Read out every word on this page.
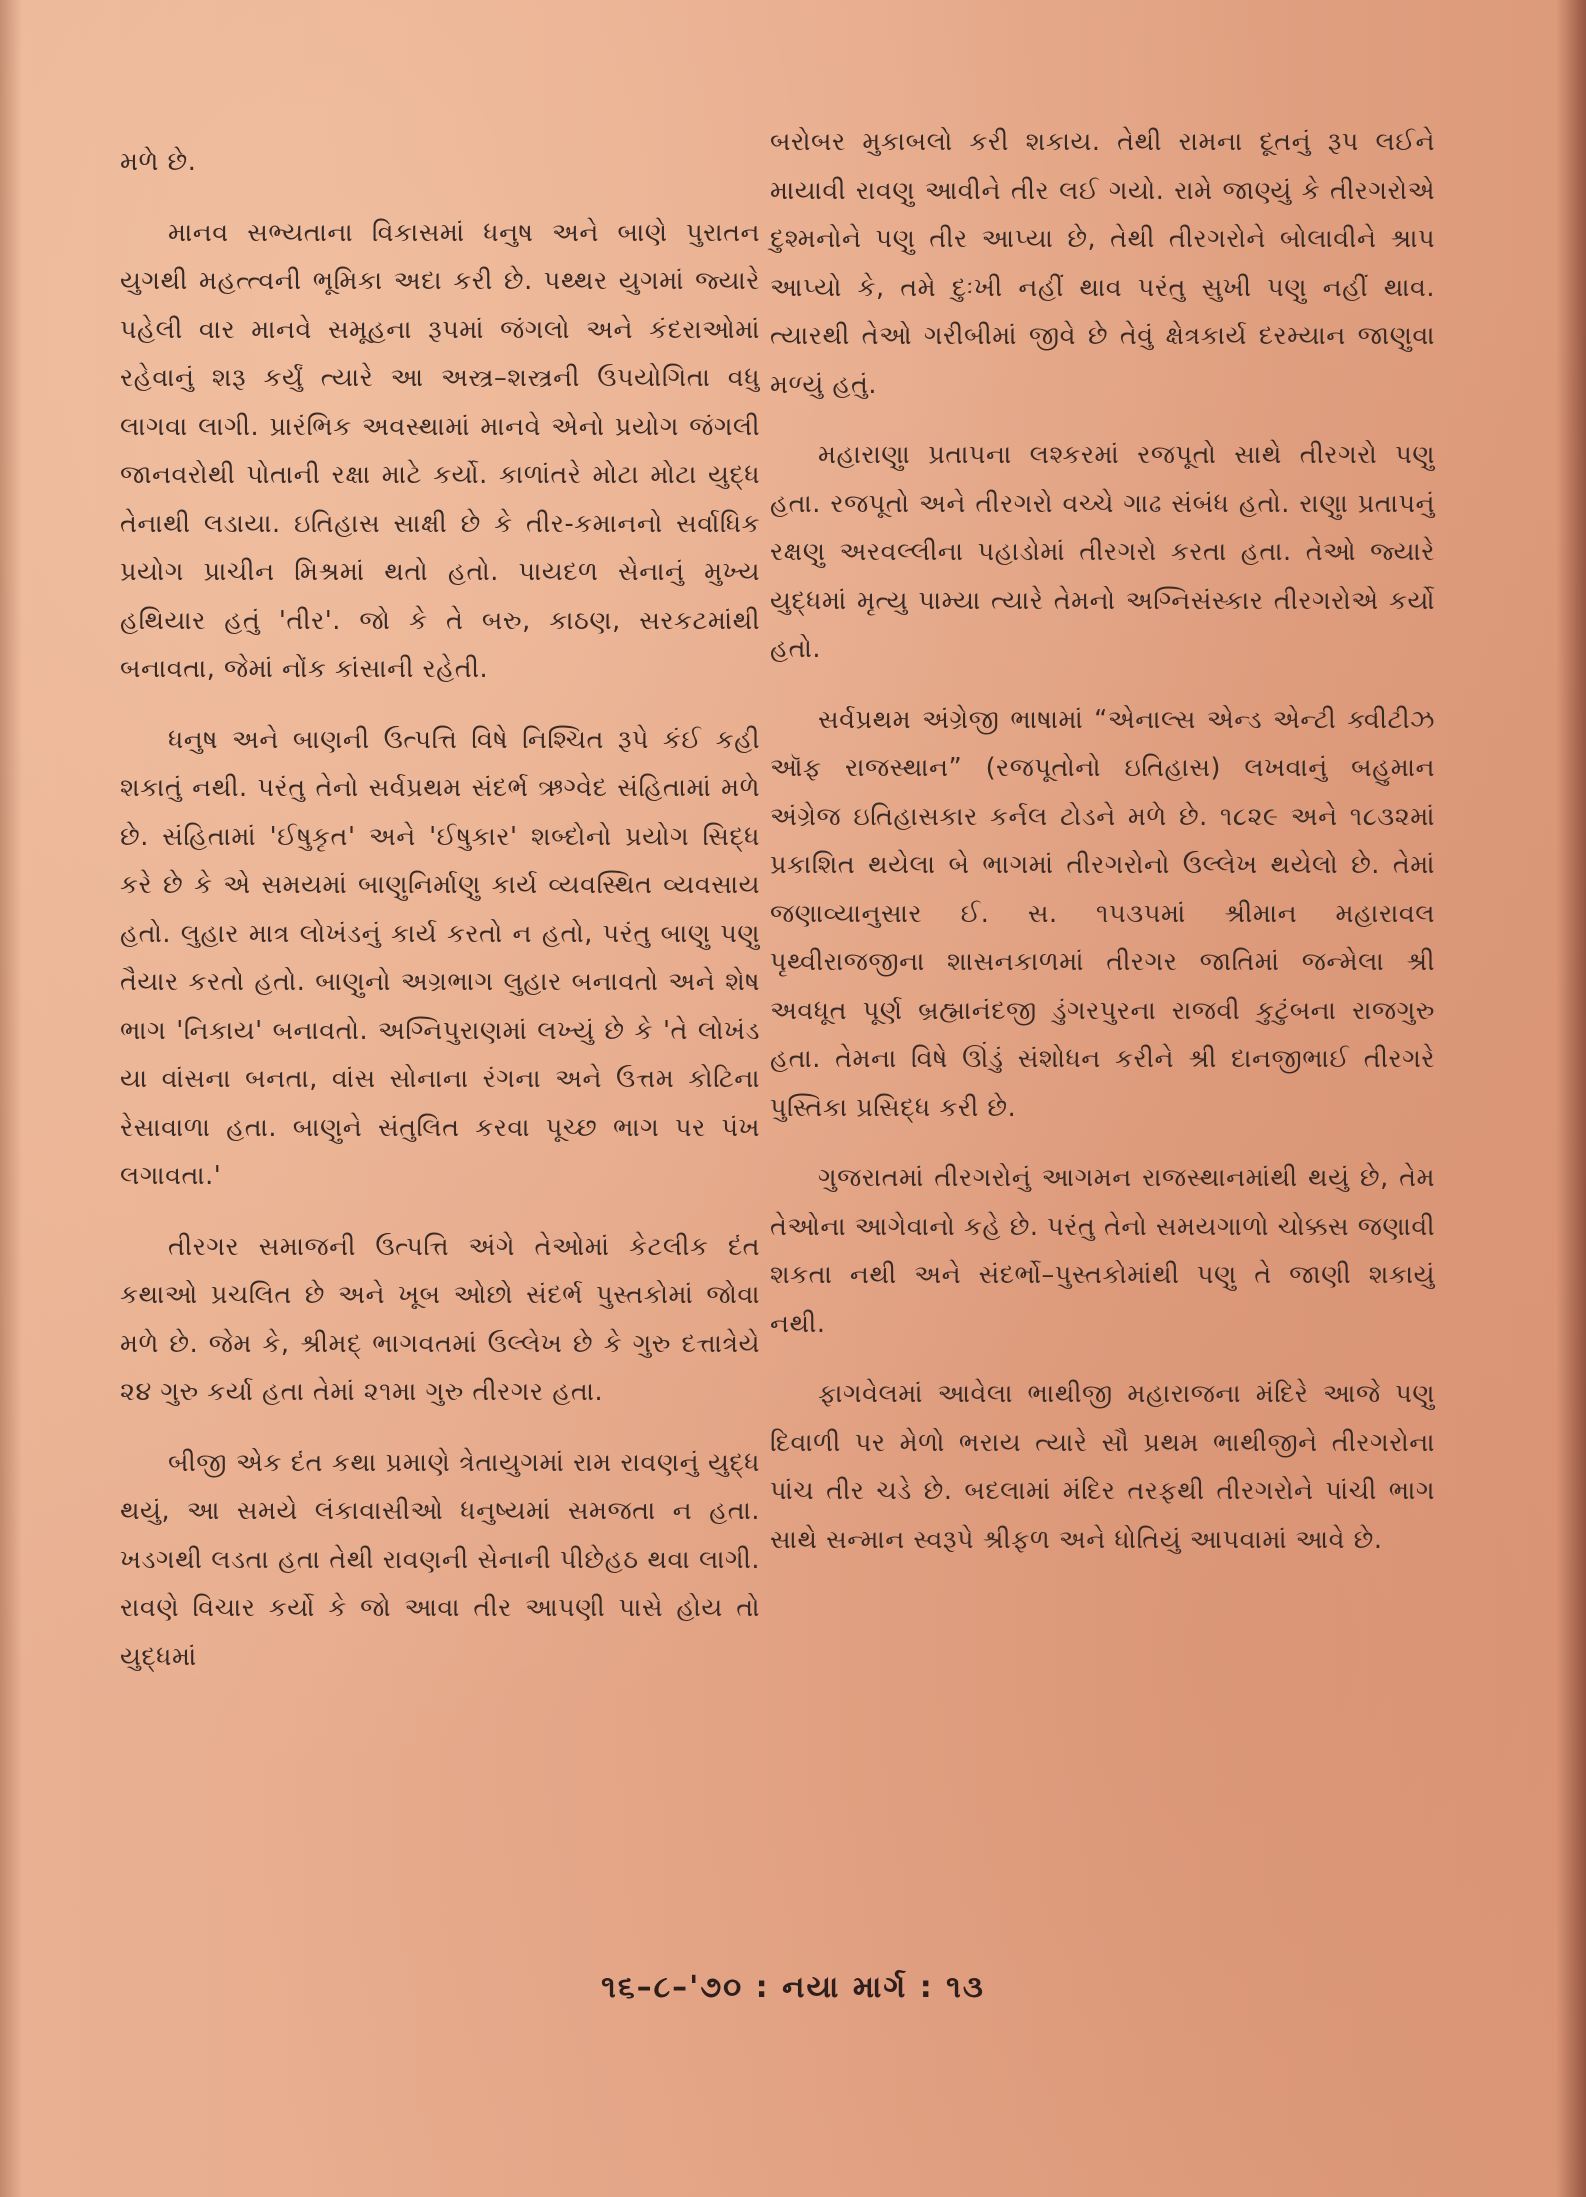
મળે છે.

માનવ સભ્યતાના વિકાસમાં ધનુષ અને બાણે પુરાતન યુગથી મહત્ત્વની ભૂમિકા અદા કરી છે. પથ્થર યુગમાં જ્યારે પહેલી વાર માનવે સમૂહના રૂપમાં જંગલો અને કંદરાઓમાં રહેવાનું શરૂ કર્યું ત્યારે આ અસ્ત્ર–શસ્ત્રની ઉપયોગિતા વધુ લાગવા લાગી. પ્રારંભિક અવસ્થામાં માનવે એનો પ્રયોગ જંગલી જાનવરોથી પોતાની રક્ષા માટે કર્યો. કાળાંતરે મોટા મોટા યુદ્ધ તેનાથી લડાયા. ઇતિહાસ સાક્ષી છે કે તીર-કમાનનો સર્વાધિક પ્રયોગ પ્રાચીન મિશ્રમાં થતો હતો. પાયદળ સેનાનું મુખ્ય હથિયાર હતું 'તીર'. જો કે તે બરુ, કાઠણ, સરકટમાંથી બનાવતા, જેમાં નોંક કાંસાની રહેતી.

ધનુષ અને બાણની ઉત્પત્તિ વિષે નિશ્ચિત રૂપે કંઈ કહી શકાતું નથી. પરંતુ તેનો સર્વપ્રથમ સંદર્ભ ઋગ્વેદ સંહિતામાં મળે છે. સંહિતામાં 'ઈષુકૃત' અને 'ઈષુકાર' શબ્દોનો પ્રયોગ સિદ્ધ કરે છે કે એ સમયમાં બાણુનિર્માણુ કાર્ય વ્યવસ્થિત વ્યવસાય હતો. લુહાર માત્ર લોખંડનું કાર્ય કરતો ન હતો, પરંતુ બાણુ પણુ તૈયાર કરતો હતો. બાણુનો અગ્રભાગ લુહાર બનાવતો અને શેષ ભાગ 'નિકાય' બનાવતો. અગ્નિપુરાણમાં લખ્યું છે કે 'તે લોખંડ યા વાંસના બનતા, વાંસ સોનાના રંગના અને ઉત્તમ કોટિના રેસાવાળા હતા. બાણુને સંતુલિત કરવા પૂચ્છ ભાગ પર પંખ લગાવતા.'

તીરગર સમાજની ઉત્પત્તિ અંગે તેઓમાં કેટલીક દંત કથાઓ પ્રચલિત છે અને ખૂબ ઓછો સંદર્ભ પુસ્તકોમાં જોવા મળે છે. જેમ કે, શ્રીમદ્ ભાગવતમાં ઉલ્લેખ છે કે ગુરુ દત્તાત્રેયે ૨૪ ગુરુ કર્યા હતા તેમાં ૨૧મા ગુરુ તીરગર હતા.

બીજી એક દંત કથા પ્રમાણે ત્રેતાયુગમાં રામ રાવણનું યુદ્ધ થયું, આ સમયે લંકાવાસીઓ ધનુષ્યમાં સમજતા ન હતા. ખડગથી લડતા હતા તેથી રાવણની સેનાની પીછેહઠ થવા લાગી. રાવણે વિચાર કર્યો કે જો આવા તીર આપણી પાસે હોય તો યુદ્ધમાં

બરોબર મુકાબલો કરી શકાય. તેથી રામના દૂતનું રૂપ લઈને માયાવી રાવણુ આવીને તીર લઈ ગયો. રામે જાણ્યું કે તીરગરોએ દુશ્મનોને પણુ તીર આપ્યા છે, તેથી તીરગરોને બોલાવીને શ્રાપ આપ્યો કે, તમે દુઃખી નહીં થાવ પરંતુ સુખી પણુ નહીં થાવ. ત્યારથી તેઓ ગરીબીમાં જીવે છે તેવું ક્ષેત્રકાર્ય દરમ્યાન જાણુવા મળ્યું હતું.

મહારાણુા પ્રતાપના લશ્કરમાં રજપૂતો સાથે તીરગરો પણુ હતા. રજપૂતો અને તીરગરો વચ્ચે ગાઢ સંબંધ હતો. રાણુા પ્રતાપનું રક્ષણુ અરવલ્લીના પહાડોમાં તીરગરો કરતા હતા. તેઓ જ્યારે યુદ્ધમાં મૃત્યુ પામ્યા ત્યારે તેમનો અગ્નિસંસ્કાર તીરગરોએ કર્યો હતો.

સર્વપ્રથમ અંગ્રેજી ભાષામાં “એનાલ્સ એન્ડ એન્ટી ક્વીટીઝ ઑફ રાજસ્થાન” (રજપૂતોનો ઇતિહાસ) લખવાનું બહુમાન અંગ્રેજ ઇતિહાસકાર કર્નલ ટોડને મળે છે. ૧૮૨૯ અને ૧૮૩૨માં પ્રકાશિત થયેલા બે ભાગમાં તીરગરોનો ઉલ્લેખ થયેલો છે. તેમાં જણાવ્યાનુસાર ઈ. સ. ૧૫૩૫માં શ્રીમાન મહારાવલ પૃથ્વીરાજજીના શાસનકાળમાં તીરગર જાતિમાં જન્મેલા શ્રી અવધૂત પૂર્ણ બ્રહ્માનંદજી ડુંગરપુરના રાજવી કુટુંબના રાજગુરુ હતા. તેમના વિષે ઊંડું સંશોધન કરીને શ્રી દાનજીભાઈ તીરગરે પુસ્તિકા પ્રસિદ્ધ કરી છે.

ગુજરાતમાં તીરગરોનું આગમન રાજસ્થાનમાંથી થયું છે, તેમ તેઓના આગેવાનો કહે છે. પરંતુ તેનો સમયગાળો ચોક્કસ જણાવી શકતા નથી અને સંદર્ભો–પુસ્તકોમાંથી પણુ તે જાણી શકાયું નથી.

ફાગવેલમાં આવેલા ભાથીજી મહારાજના મંદિરે આજે પણુ દિવાળી પર મેળો ભરાય ત્યારે સૌ પ્રથમ ભાથીજીને તીરગરોના પાંચ તીર ચડે છે. બદલામાં મંદિર તરફથી તીરગરોને પાંચી ભાગ સાથે સન્માન સ્વરૂપે શ્રીફળ અને ધોતિયું આપવામાં આવે છે.

૧૬–૮–'૭૦ : નયા માર્ગ : ૧૩
